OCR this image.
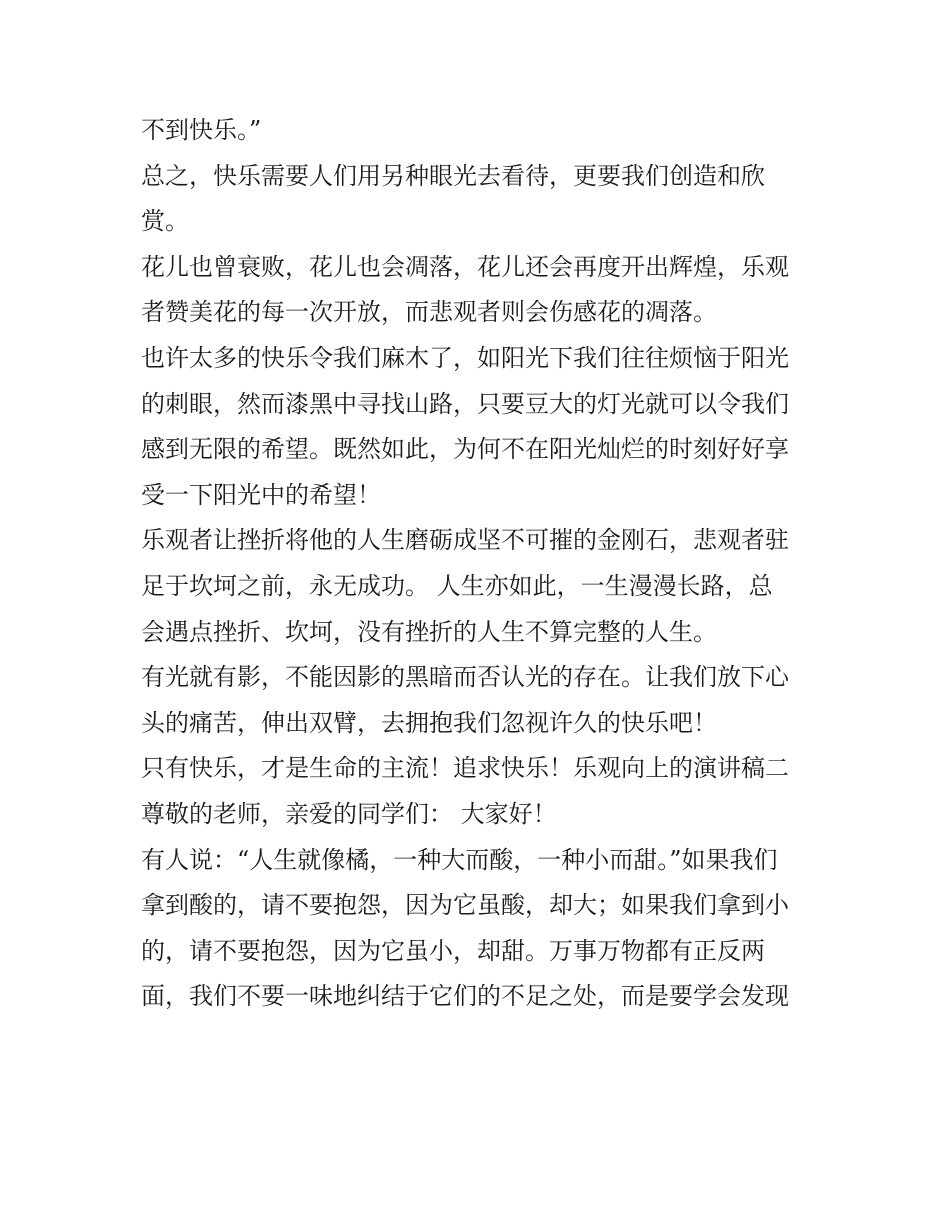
不到快乐。”
总之，快乐需要人们用另种眼光去看待，更要我们创造和欣
赏。
花儿也曾衰败，花儿也会凋落，花儿还会再度开出辉煌，乐观
者赞美花的每一次开放，而悲观者则会伤感花的凋落。
也许太多的快乐令我们麻木了，如阳光下我们往往烦恼于阳光
的刺眼，然而漆黑中寻找山路，只要豆大的灯光就可以令我们
感到无限的希望。既然如此，为何不在阳光灿烂的时刻好好享
受一下阳光中的希望！
乐观者让挫折将他的人生磨砺成坚不可摧的金刚石，悲观者驻
足于坎坷之前，永无成功。 人生亦如此，一生漫漫长路，总
会遇点挫折、坎坷，没有挫折的人生不算完整的人生。
有光就有影，不能因影的黑暗而否认光的存在。让我们放下心
头的痛苦，伸出双臂，去拥抱我们忽视许久的快乐吧！
只有快乐，才是生命的主流！追求快乐！乐观向上的演讲稿二
尊敬的老师，亲爱的同学们： 大家好！
有人说：“人生就像橘，一种大而酸，一种小而甜。”如果我们
拿到酸的，请不要抱怨，因为它虽酸，却大；如果我们拿到小
的，请不要抱怨，因为它虽小，却甜。万事万物都有正反两
面，我们不要一味地纠结于它们的不足之处，而是要学会发现
